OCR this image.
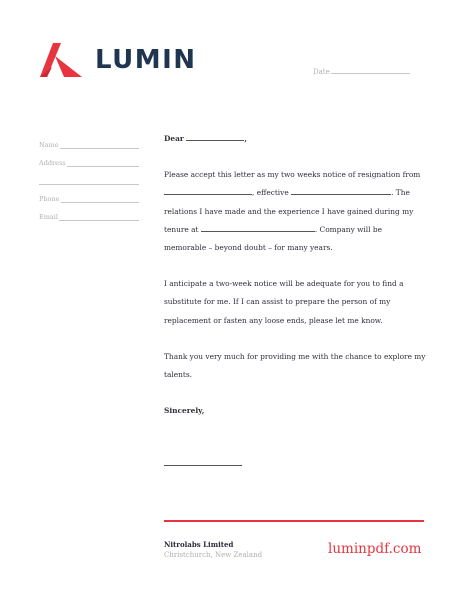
LUMIN	Date
Name
Address
Phone
Email

Dear	,

Please accept this letter as my two weeks notice of resignation from , effective	. The relations I have made and the experience I have gained during my tenure at	. Company will be memorable – beyond doubt – for many years.

I anticipate a two-week notice will be adequate for you to find a substitute for me. If I can assist to prepare the person of my replacement or fasten any loose ends, please let me know.

Thank you very much for providing me with the chance to explore my talents.

Sincerely,

Nitrolabs Limited
Christchurch, New Zealand	luminpdf.com
